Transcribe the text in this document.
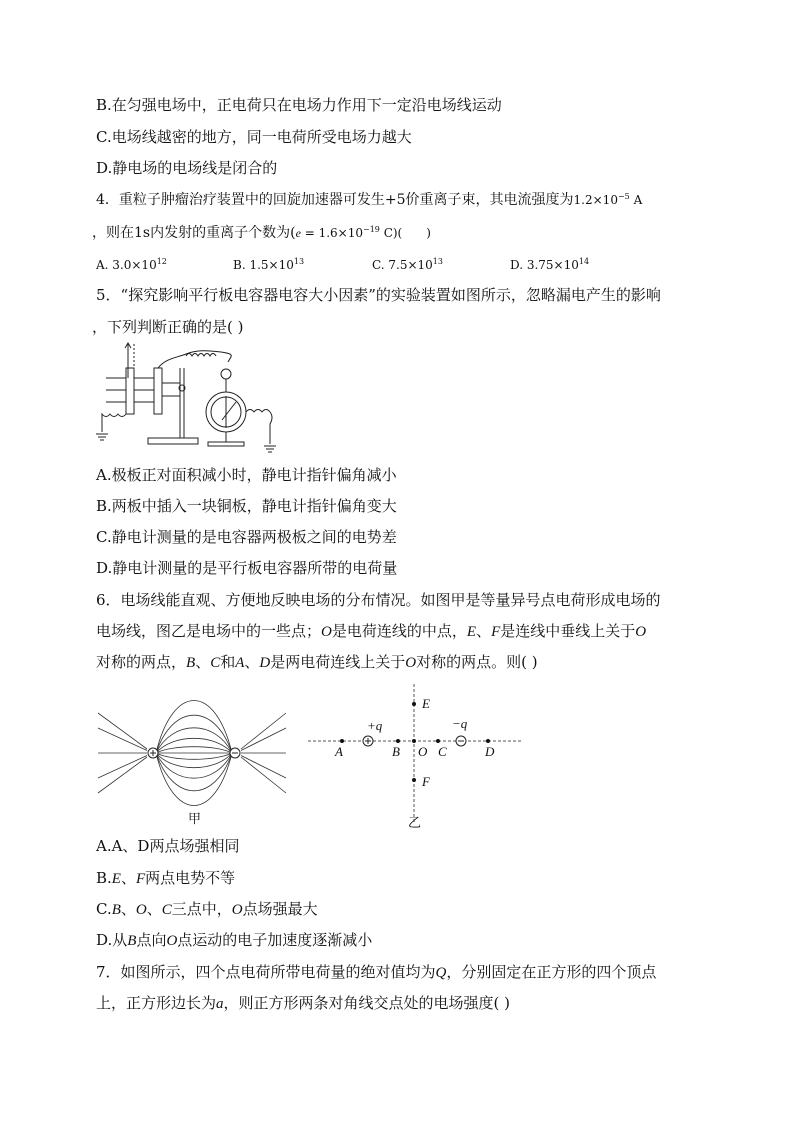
B.在匀强电场中，正电荷只在电场力作用下一定沿电场线运动
C.电场线越密的地方，同一电荷所受电场力越大
D.静电场的电场线是闭合的
4．重粒子肿瘤治疗装置中的回旋加速器可发生+5价重离子束，其电流强度为$1.2\times 10^{-5}$ A
，则在1s内发射的重离子个数为($e = 1.6\times 10^{-19}$ C)(　　)
A. $3.0\times 10^{12}$	B. $1.5\times 10^{13}$	C. $7.5\times 10^{13}$	D. $3.75\times 10^{14}$
5．“探究影响平行板电容器电容大小因素”的实验装置如图所示，忽略漏电产生的影响
，下列判断正确的是( )
A.极板正对面积减小时，静电计指针偏角减小
B.两板中插入一块铜板，静电计指针偏角变大
C.静电计测量的是电容器两极板之间的电势差
D.静电计测量的是平行板电容器所带的电荷量
6．电场线能直观、方便地反映电场的分布情况。如图甲是等量异号点电荷形成电场的
电场线，图乙是电场中的一些点；O是电荷连线的中点，E、F是连线中垂线上关于O
对称的两点，B、C和A、D是两电荷连线上关于O对称的两点。则( )
甲
E
+q	−q
A	B O C	D
F
乙
A.A、D两点场强相同
B.E、F两点电势不等
C.B、O、C三点中，O点场强最大
D.从B点向O点运动的电子加速度逐渐减小
7．如图所示，四个点电荷所带电荷量的绝对值均为Q，分别固定在正方形的四个顶点
上，正方形边长为a，则正方形两条对角线交点处的电场强度( )
